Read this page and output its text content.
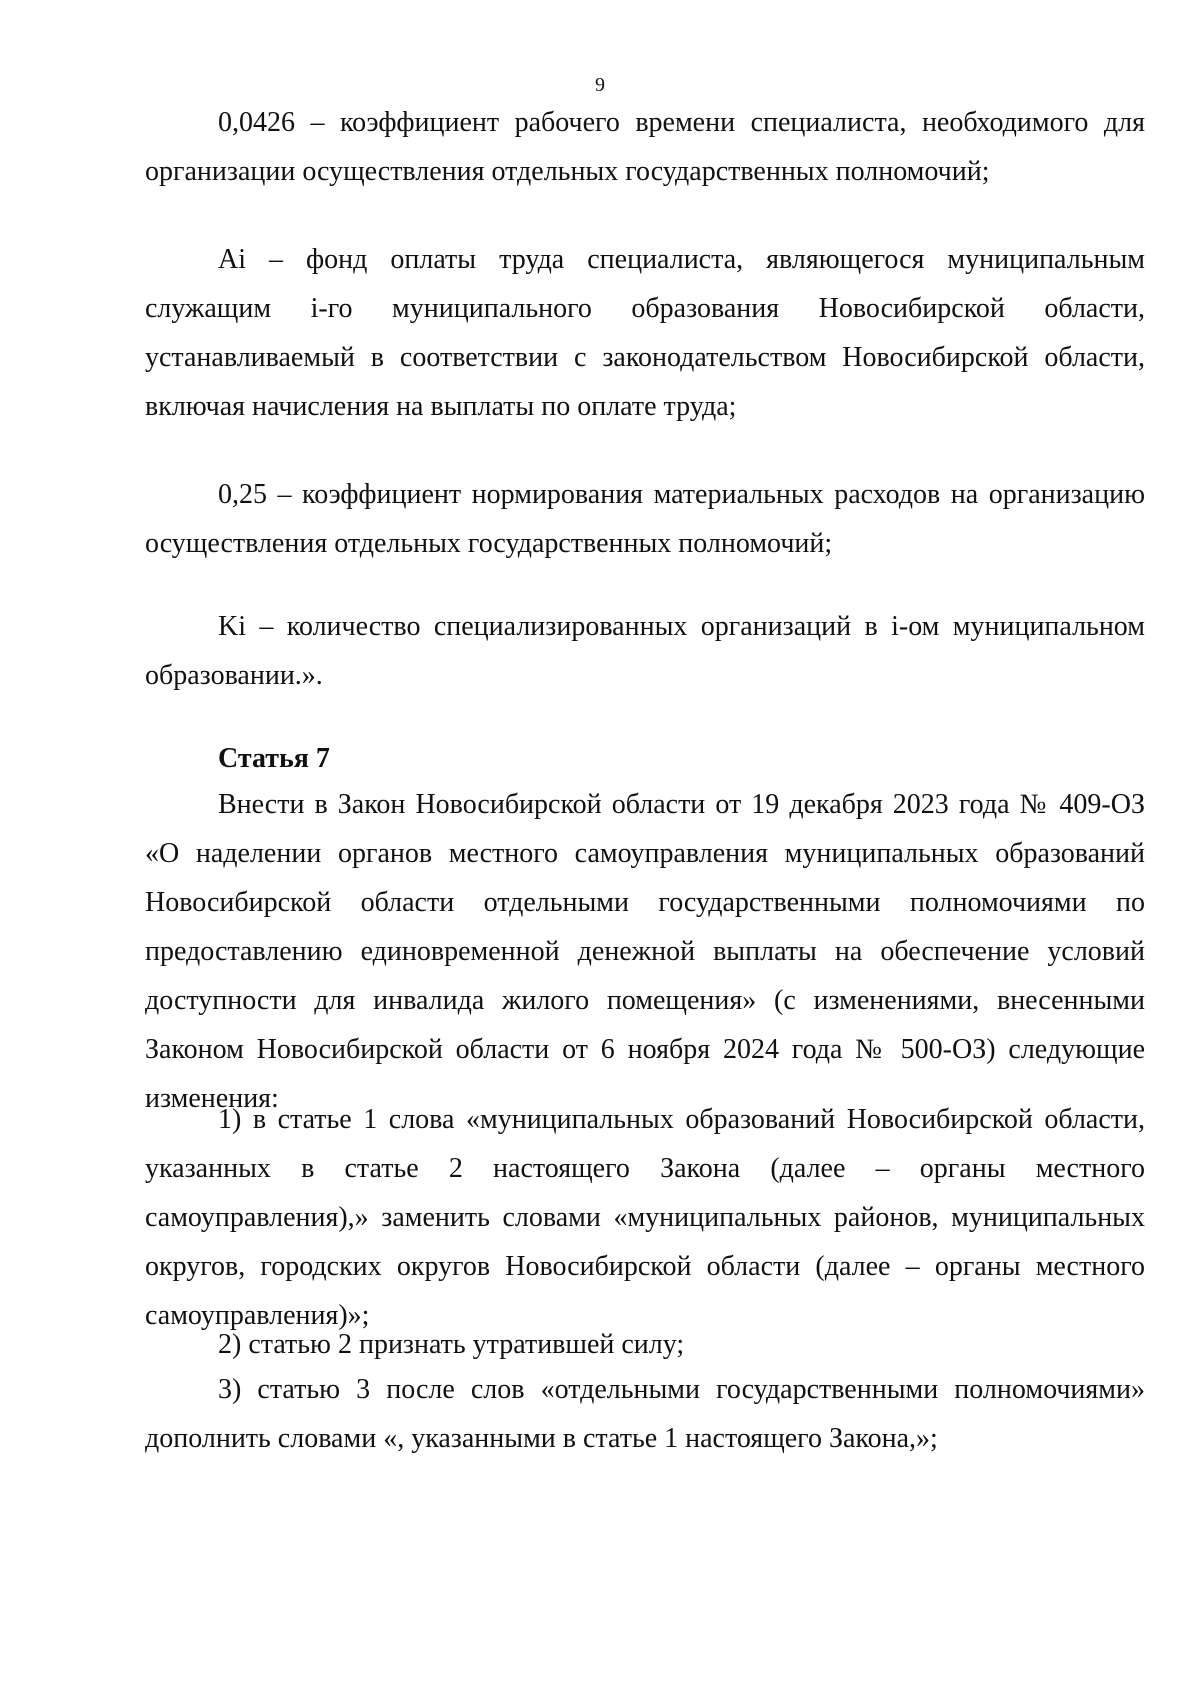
9

0,0426 – коэффициент рабочего времени специалиста, необходимого для организации осуществления отдельных государственных полномочий;

Ai – фонд оплаты труда специалиста, являющегося муниципальным служащим i-го муниципального образования Новосибирской области, устанавливаемый в соответствии с законодательством Новосибирской области, включая начисления на выплаты по оплате труда;

0,25 – коэффициент нормирования материальных расходов на организацию осуществления отдельных государственных полномочий;

Ki – количество специализированных организаций в i-ом муниципальном образовании.».

Статья 7

Внести в Закон Новосибирской области от 19 декабря 2023 года № 409-ОЗ «О наделении органов местного самоуправления муниципальных образований Новосибирской области отдельными государственными полномочиями по предоставлению единовременной денежной выплаты на обеспечение условий доступности для инвалида жилого помещения» (с изменениями, внесенными Законом Новосибирской области от 6 ноября 2024 года № 500-ОЗ) следующие изменения:

1) в статье 1 слова «муниципальных образований Новосибирской области, указанных в статье 2 настоящего Закона (далее – органы местного самоуправления),» заменить словами «муниципальных районов, муниципальных округов, городских округов Новосибирской области (далее – органы местного самоуправления)»;

2) статью 2 признать утратившей силу;

3) статью 3 после слов «отдельными государственными полномочиями» дополнить словами «, указанными в статье 1 настоящего Закона,»;
